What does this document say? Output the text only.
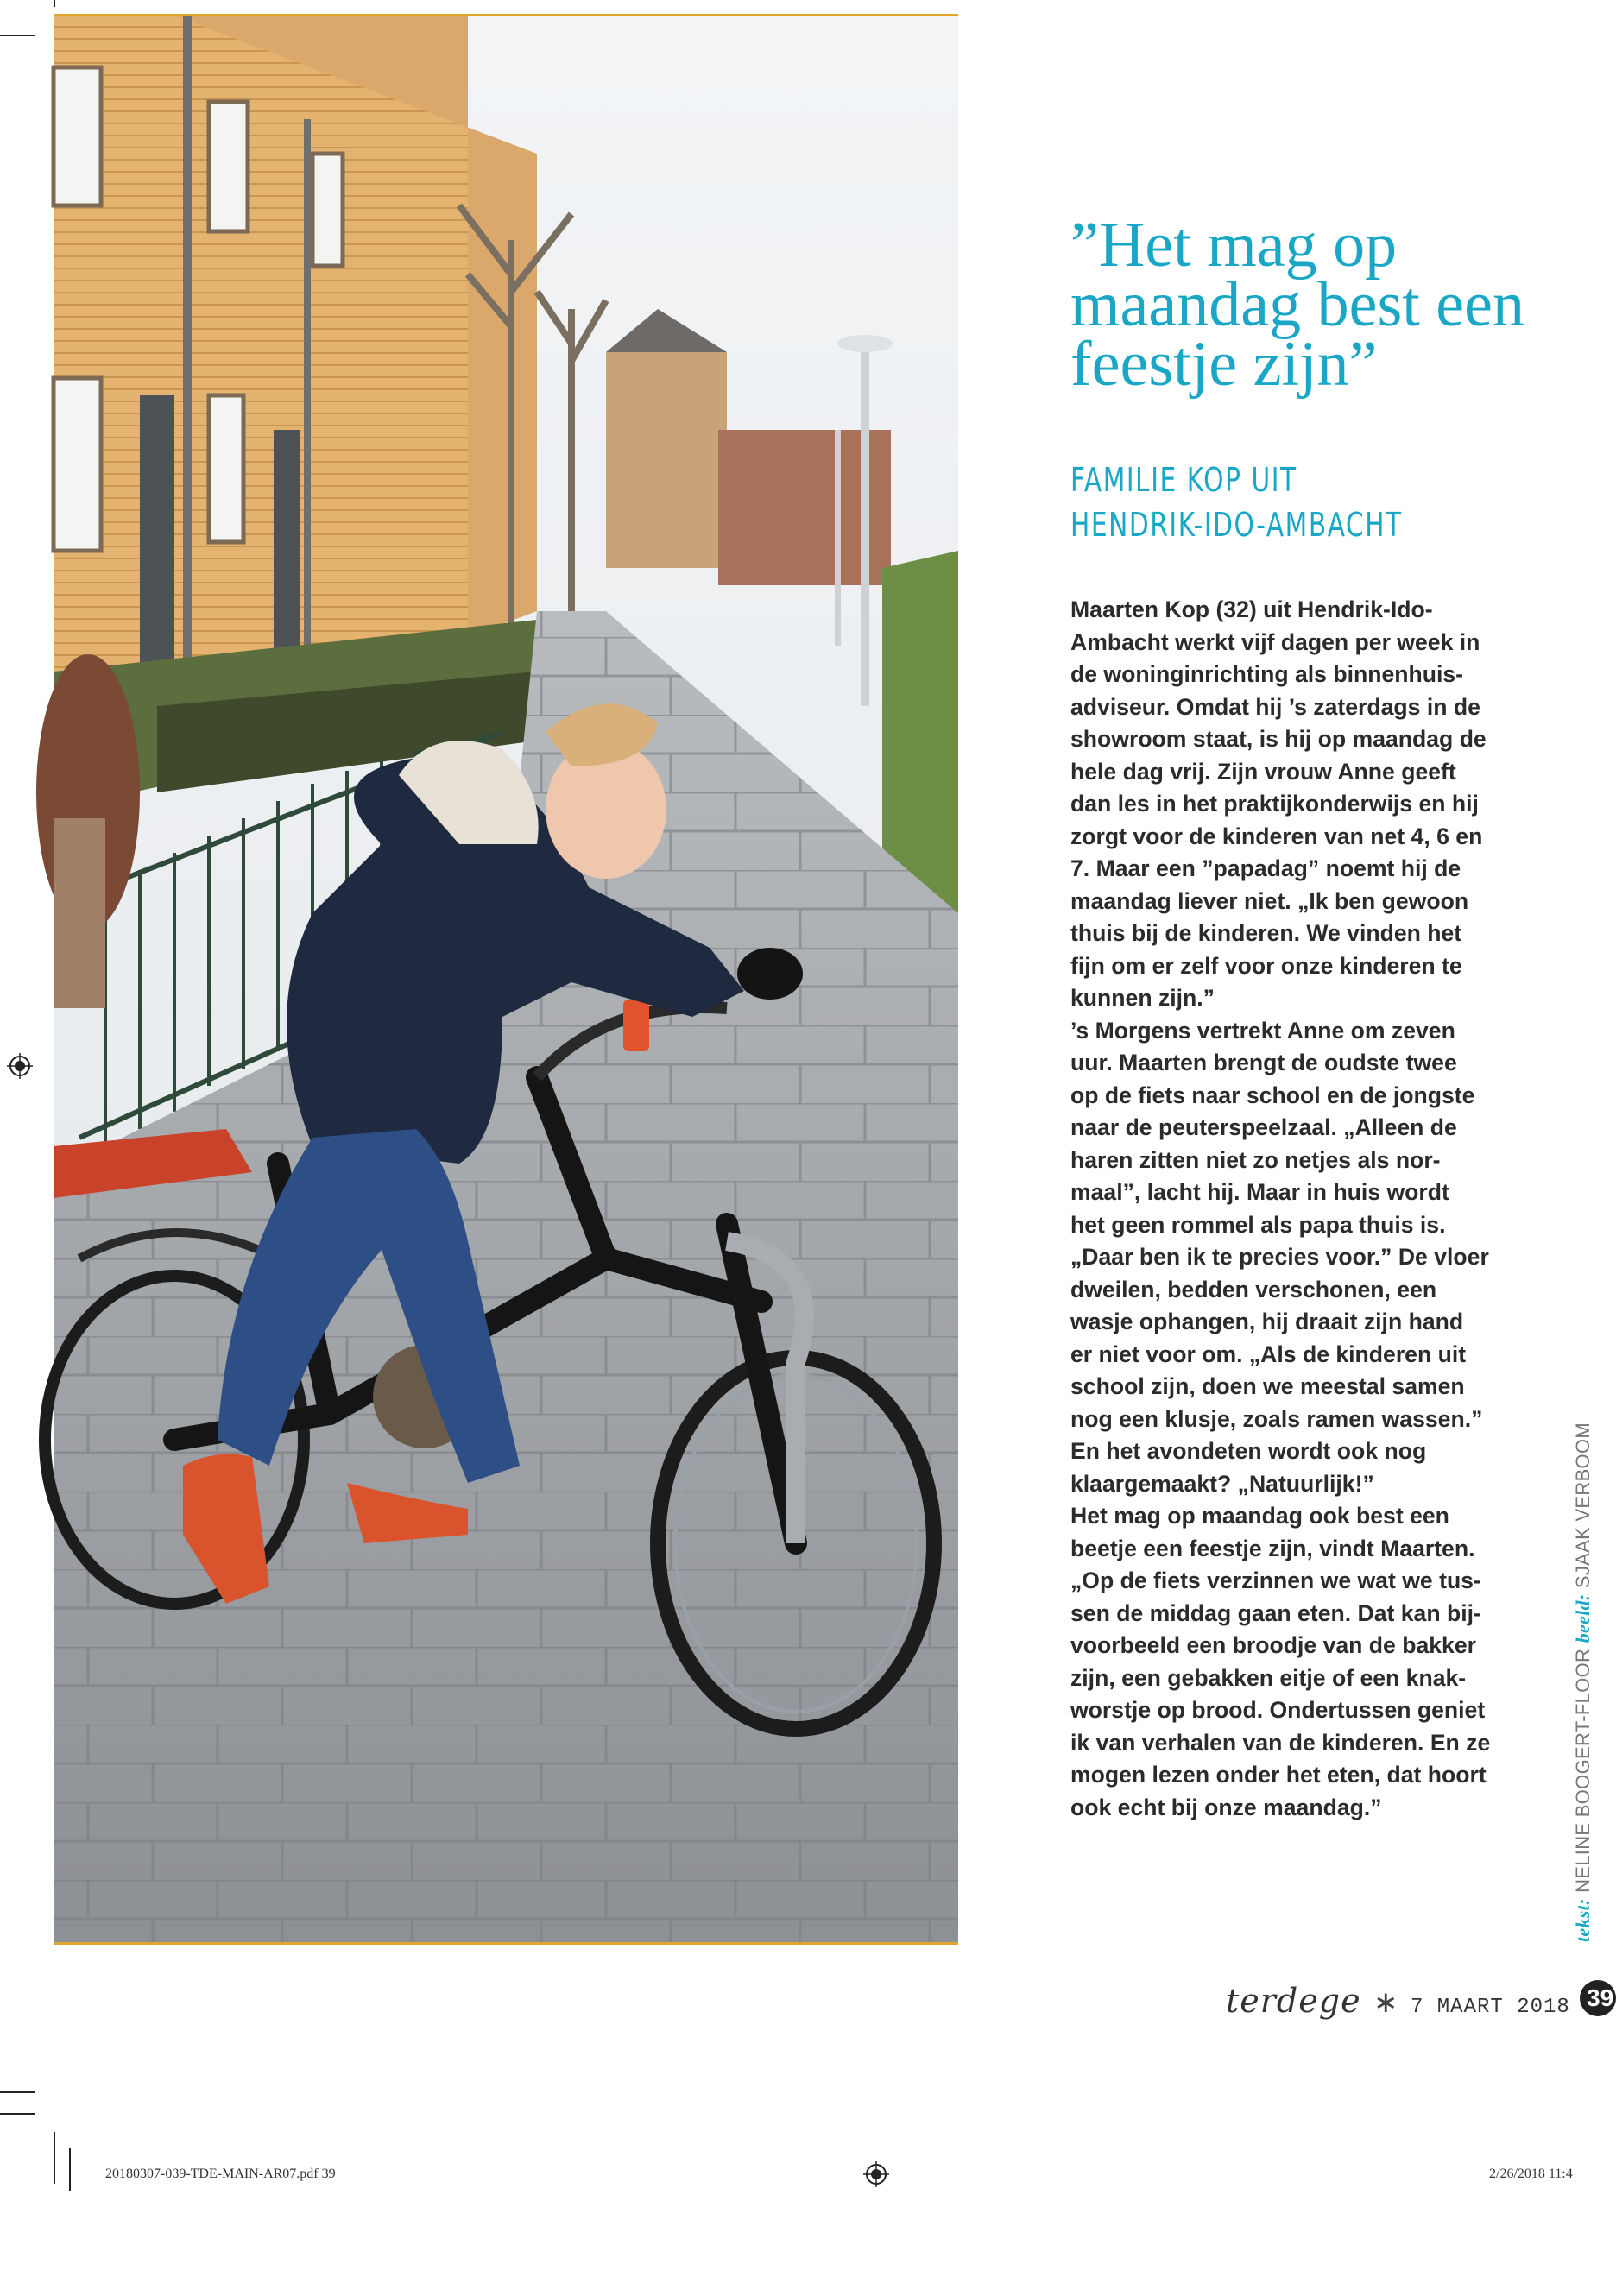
”Het mag op maandag best een feestje zijn”
FAMILIE KOP UIT
HENDRIK-IDO-AMBACHT
Maarten Kop (32) uit Hendrik-Ido-
Ambacht werkt vijf dagen per week in
de woninginrichting als binnenhuis-
adviseur. Omdat hij ’s zaterdags in de
showroom staat, is hij op maandag de
hele dag vrij. Zijn vrouw Anne geeft
dan les in het praktijkonderwijs en hij
zorgt voor de kinderen van net 4, 6 en
7. Maar een ”papadag” noemt hij de
maandag liever niet. „Ik ben gewoon
thuis bij de kinderen. We vinden het
fijn om er zelf voor onze kinderen te
kunnen zijn.”
’s Morgens vertrekt Anne om zeven
uur. Maarten brengt de oudste twee
op de fiets naar school en de jongste
naar de peuterspeelzaal. „Alleen de
haren zitten niet zo netjes als nor-
maal”, lacht hij. Maar in huis wordt
het geen rommel als papa thuis is.
„Daar ben ik te precies voor.” De vloer
dweilen, bedden verschonen, een
wasje ophangen, hij draait zijn hand
er niet voor om. „Als de kinderen uit
school zijn, doen we meestal samen
nog een klusje, zoals ramen wassen.”
En het avondeten wordt ook nog
klaargemaakt? „Natuurlijk!”
Het mag op maandag ook best een
beetje een feestje zijn, vindt Maarten.
„Op de fiets verzinnen we wat we tus-
sen de middag gaan eten. Dat kan bij-
voorbeeld een broodje van de bakker
zijn, een gebakken eitje of een knak-
worstje op brood. Ondertussen geniet
ik van verhalen van de kinderen. En ze
mogen lezen onder het eten, dat hoort
ook echt bij onze maandag.”
tekst: NELINE BOOGERT-FLOOR beeld: SJAAK VERBOOM
terdege ∗ 7 MAART 2018 39
20180307-039-TDE-MAIN-AR07.pdf 39	2/26/2018 11:4
